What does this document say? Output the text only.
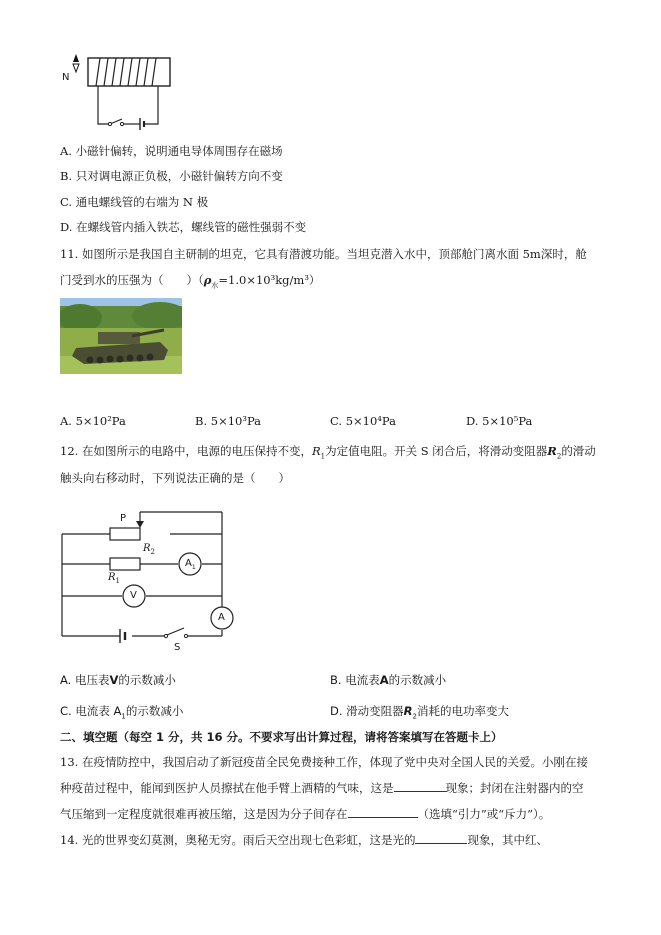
N
A. 小磁针偏转，说明通电导体周围存在磁场
B. 只对调电源正负极，小磁针偏转方向不变
C. 通电螺线管的右端为 N 极
D. 在螺线管内插入铁芯，螺线管的磁性强弱不变
11. 如图所示是我国自主研制的坦克，它具有潜渡功能。当坦克潜入水中，顶部舱门离水面 5m深时，舱
门受到水的压强为（　　）$(\rho_水=1.0\times 10^3kg/m^3)$
A. 5×10²Pa	B. 5×10³Pa	C. 5×10⁴Pa	D. 5×10⁵Pa
12. 在如图所示的电路中，电源的电压保持不变，$R_1$为定值电阻。开关 S 闭合后，将滑动变阻器$R_2$的滑动
触头向右移动时，下列说法正确的是（　　）
P
$R_2$
$R_1$
$A_1$
V
A
S
A. 电压表V的示数减小	B. 电流表A的示数减小
C. 电流表 $A_1$的示数减小	D. 滑动变阻器$R_2$消耗的电功率变大
二、填空题（每空 1 分，共 16 分。不要求写出计算过程，请将答案填写在答题卡上）
13. 在疫情防控中，我国启动了新冠疫苗全民免费接种工作，体现了党中央对全国人民的关爱。小刚在接
种疫苗过程中，能闻到医护人员擦拭在他手臂上酒精的气味，这是	现象；封闭在注射器内的空
气压缩到一定程度就很难再被压缩，这是因为分子间存在	（选填“引力”或“斥力”）。
14. 光的世界变幻莫测，奥秘无穷。雨后天空出现七色彩虹，这是光的	现象，其中红、
